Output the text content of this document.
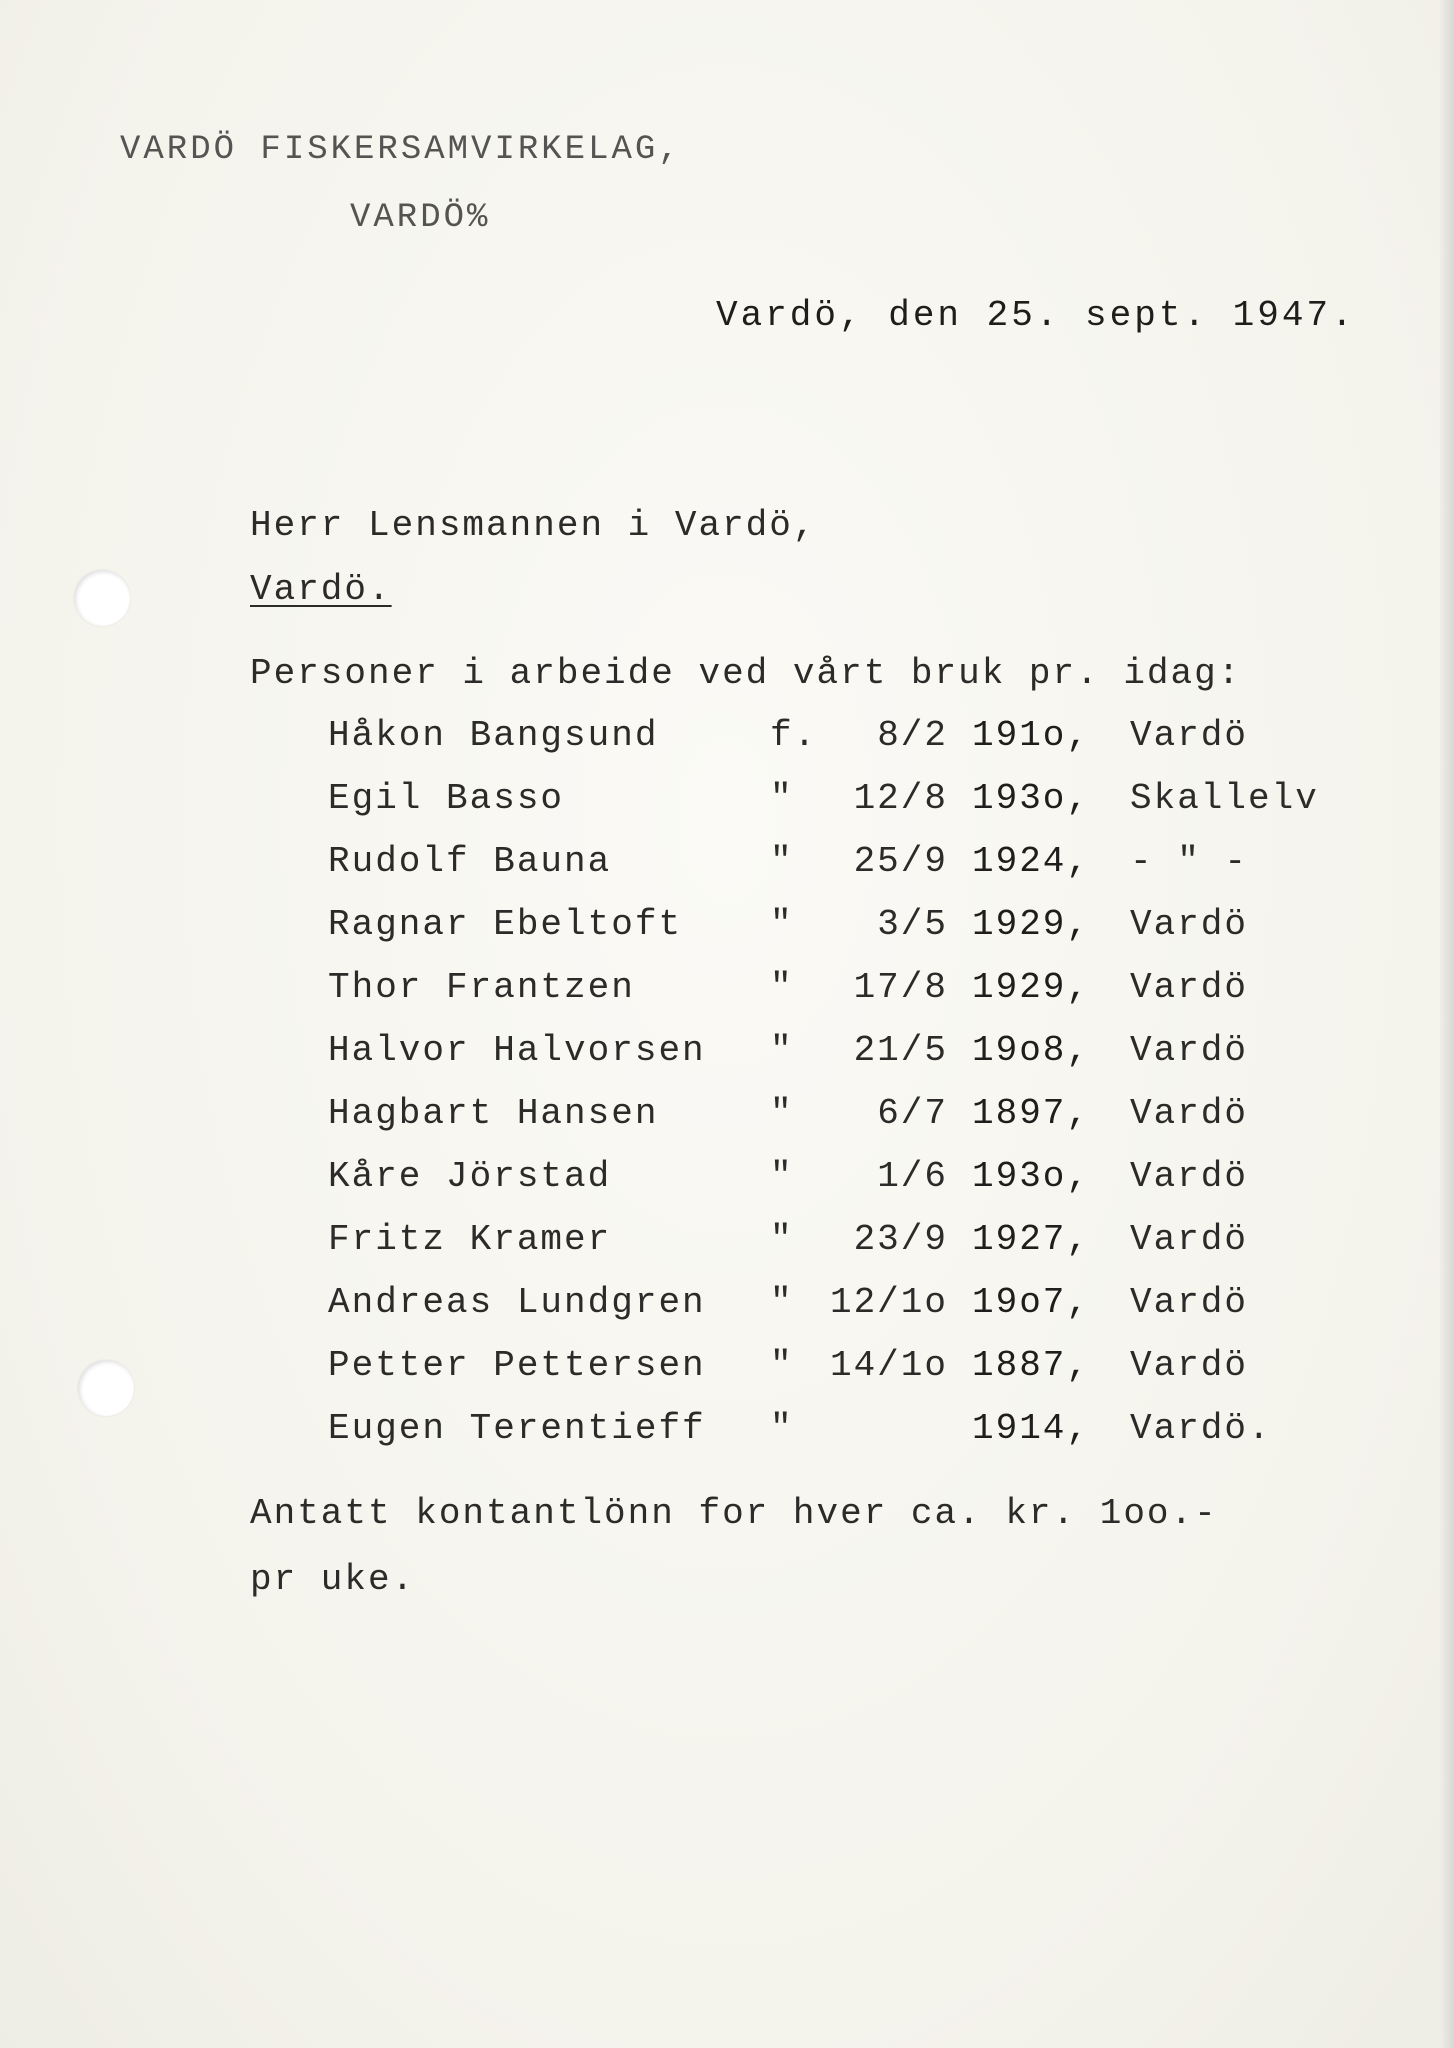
VARDÖ FISKERSAMVIRKELAG,
VARDÖ%
Vardö, den 25. sept. 1947.
Herr Lensmannen i Vardö,
Vardö.
Personer i arbeide ved vårt bruk pr. idag:
Håkon Bangsund	f.	8/2 191o, Vardö
Egil Basso	"	12/8 193o, Skallelv
Rudolf Bauna	"	25/9 1924, - " -
Ragnar Ebeltoft "	3/5 1929, Vardö
Thor Frantzen	"	17/8 1929, Vardö
Halvor Halvorsen "	21/5 19o8, Vardö
Hagbart Hansen	"	6/7 1897, Vardö
Kåre Jörstad	"	1/6 193o, Vardö
Fritz Kramer	"	23/9 1927, Vardö
Andreas Lundgren "	12/1o 19o7, Vardö
Petter Pettersen "	14/1o 1887, Vardö
Eugen Terentieff "	1914, Vardö.
Antatt kontantlönn for hver ca. kr. 1oo.-
pr uke.
